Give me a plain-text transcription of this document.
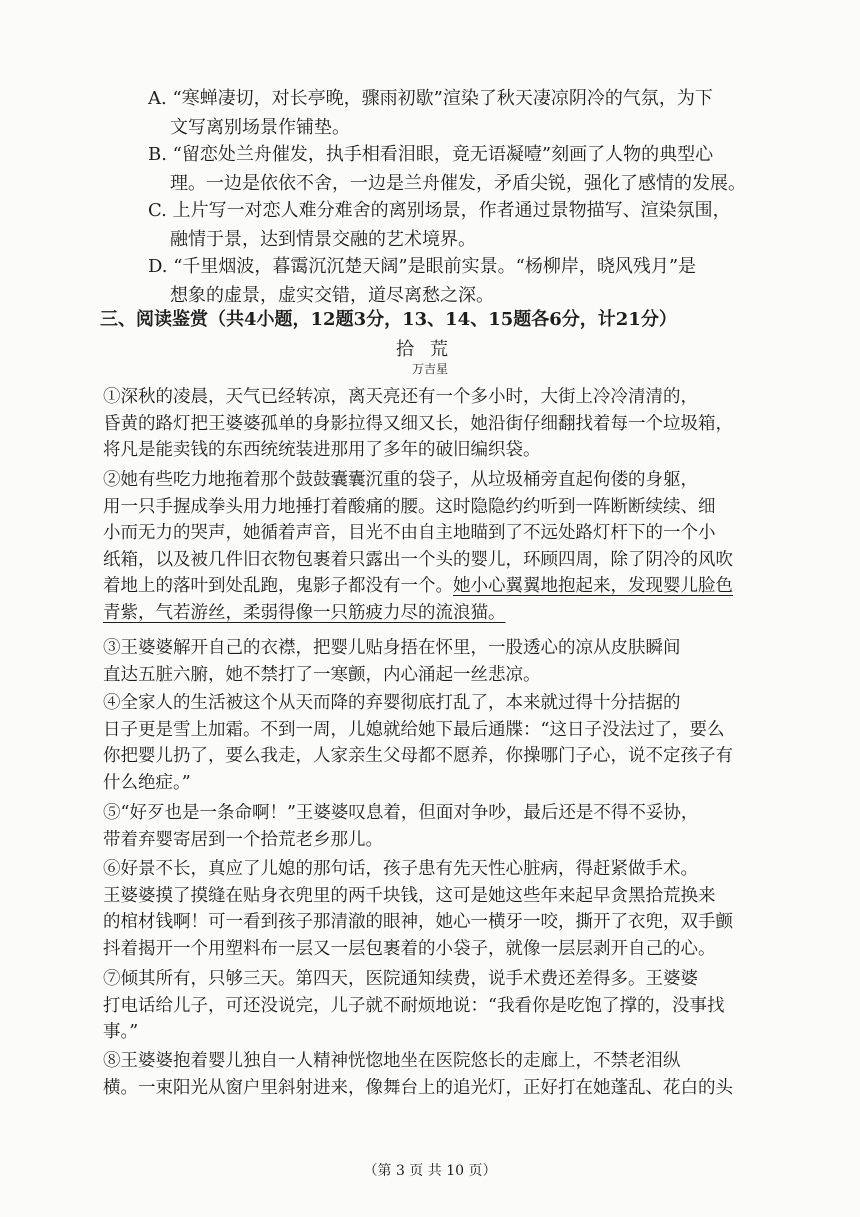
A. “寒蝉凄切，对长亭晚，骤雨初歇”渲染了秋天凄凉阴冷的气氛，为下
文写离别场景作铺垫。
B. “留恋处兰舟催发，执手相看泪眼，竟无语凝噎”刻画了人物的典型心
理。一边是依依不舍，一边是兰舟催发，矛盾尖锐，强化了感情的发展。
C. 上片写一对恋人难分难舍的离别场景，作者通过景物描写、渲染氛围，
融情于景，达到情景交融的艺术境界。
D. “千里烟波，暮霭沉沉楚天阔”是眼前实景。“杨柳岸，晓风残月”是
想象的虚景，虚实交错，道尽离愁之深。
三、阅读鉴赏（共4小题，12题3分，13、14、15题各6分，计21分）
拾荒
万吉星
①深秋的凌晨，天气已经转凉，离天亮还有一个多小时，大街上冷冷清清的，
昏黄的路灯把王婆婆孤单的身影拉得又细又长，她沿街仔细翻找着每一个垃圾箱，
将凡是能卖钱的东西统统装进那用了多年的破旧编织袋。
②她有些吃力地拖着那个鼓鼓囊囊沉重的袋子，从垃圾桶旁直起佝偻的身躯，
用一只手握成拳头用力地捶打着酸痛的腰。这时隐隐约约听到一阵断断续续、细
小而无力的哭声，她循着声音，目光不由自主地瞄到了不远处路灯杆下的一个小
纸箱，以及被几件旧衣物包裹着只露出一个头的婴儿，环顾四周，除了阴冷的风吹
着地上的落叶到处乱跑，鬼影子都没有一个。她小心翼翼地抱起来，发现婴儿脸色
青紫，气若游丝，柔弱得像一只筋疲力尽的流浪猫。
③王婆婆解开自己的衣襟，把婴儿贴身捂在怀里，一股透心的凉从皮肤瞬间
直达五脏六腑，她不禁打了一寒颤，内心涌起一丝悲凉。
④全家人的生活被这个从天而降的弃婴彻底打乱了，本来就过得十分拮据的
日子更是雪上加霜。不到一周，儿媳就给她下最后通牒：“这日子没法过了，要么
你把婴儿扔了，要么我走，人家亲生父母都不愿养，你操哪门子心，说不定孩子有
什么绝症。”
⑤“好歹也是一条命啊！”王婆婆叹息着，但面对争吵，最后还是不得不妥协，
带着弃婴寄居到一个拾荒老乡那儿。
⑥好景不长，真应了儿媳的那句话，孩子患有先天性心脏病，得赶紧做手术。
王婆婆摸了摸缝在贴身衣兜里的两千块钱，这可是她这些年来起早贪黑拾荒换来
的棺材钱啊！可一看到孩子那清澈的眼神，她心一横牙一咬，撕开了衣兜，双手颤
抖着揭开一个用塑料布一层又一层包裹着的小袋子，就像一层层剥开自己的心。
⑦倾其所有，只够三天。第四天，医院通知续费，说手术费还差得多。王婆婆
打电话给儿子，可还没说完，儿子就不耐烦地说：“我看你是吃饱了撑的，没事找
事。”
⑧王婆婆抱着婴儿独自一人精神恍惚地坐在医院悠长的走廊上，不禁老泪纵
横。一束阳光从窗户里斜射进来，像舞台上的追光灯，正好打在她蓬乱、花白的头
（第 3 页 共 10 页）
